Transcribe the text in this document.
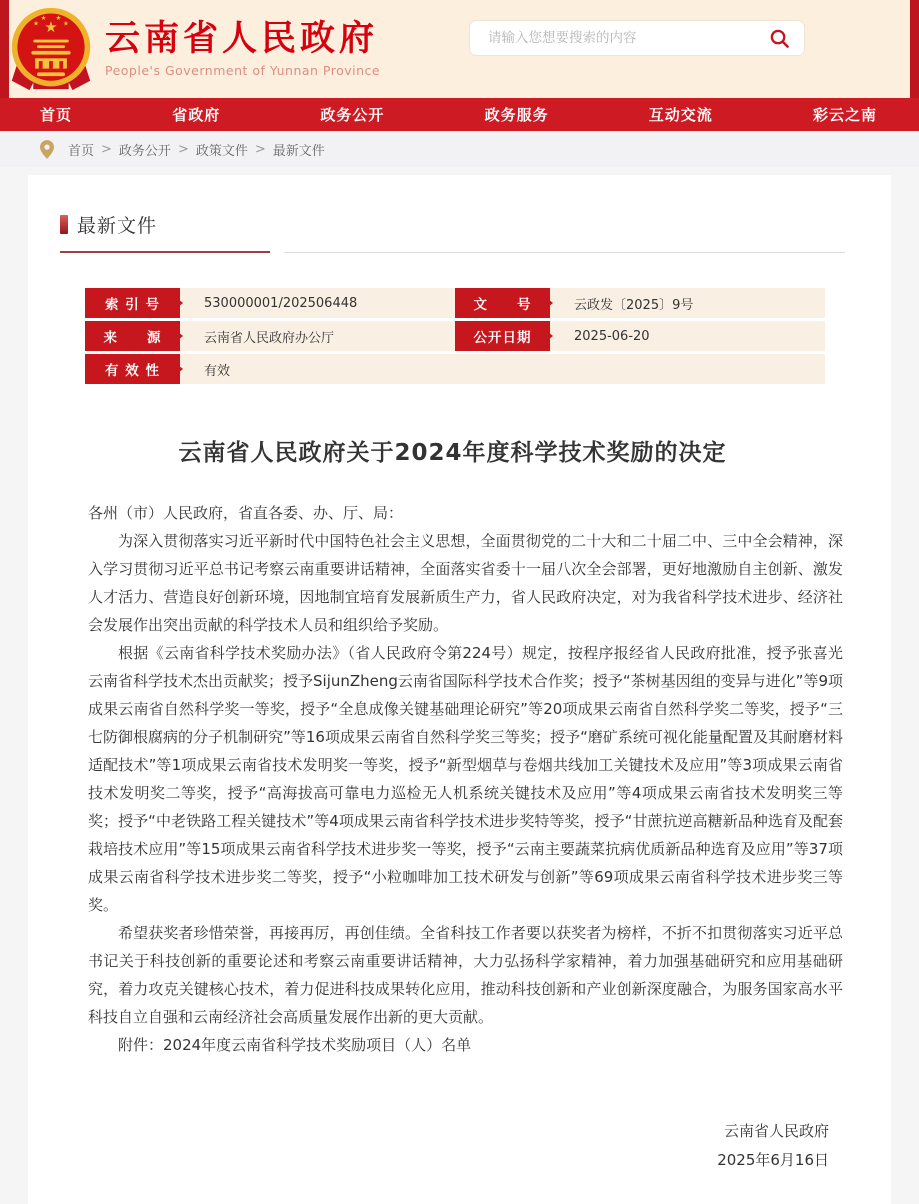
★
★
★ ★
★ 云南省人民政府
People's Government of Yunnan Province
请输入您想要搜索的内容
首页	省政府	政务公开	政务服务	互动交流	彩云之南
首页 > 政务公开 > 政策文件 > 最新文件
最新文件
索 引 号	530000001/202506448	文　　号	云政发〔2025〕9号
来　　源	云南省人民政府办公厅	公开日期	2025-06-20
有 效 性	有效
云南省人民政府关于2024年度科学技术奖励的决定

各州（市）人民政府，省直各委、办、厅、局：

为深入贯彻落实习近平新时代中国特色社会主义思想，全面贯彻党的二十大和二十届二中、三中全会精神，深入学习贯彻习近平总书记考察云南重要讲话精神，全面落实省委十一届八次全会部署，更好地激励自主创新、激发人才活力、营造良好创新环境，因地制宜培育发展新质生产力，省人民政府决定，对为我省科学技术进步、经济社会发展作出突出贡献的科学技术人员和组织给予奖励。

根据《云南省科学技术奖励办法》（省人民政府令第224号）规定，按程序报经省人民政府批准，授予张喜光云南省科学技术杰出贡献奖；授予SijunZheng云南省国际科学技术合作奖；授予“茶树基因组的变异与进化”等9项成果云南省自然科学奖一等奖，授予“全息成像关键基础理论研究”等20项成果云南省自然科学奖二等奖，授予“三七防御根腐病的分子机制研究”等16项成果云南省自然科学奖三等奖；授予“磨矿系统可视化能量配置及其耐磨材料适配技术”等1项成果云南省技术发明奖一等奖，授予“新型烟草与卷烟共线加工关键技术及应用”等3项成果云南省技术发明奖二等奖，授予“高海拔高可靠电力巡检无人机系统关键技术及应用”等4项成果云南省技术发明奖三等奖；授予“中老铁路工程关键技术”等4项成果云南省科学技术进步奖特等奖，授予“甘蔗抗逆高糖新品种选育及配套栽培技术应用”等15项成果云南省科学技术进步奖一等奖，授予“云南主要蔬菜抗病优质新品种选育及应用”等37项成果云南省科学技术进步奖二等奖，授予“小粒咖啡加工技术研发与创新”等69项成果云南省科学技术进步奖三等奖。

希望获奖者珍惜荣誉，再接再厉，再创佳绩。全省科技工作者要以获奖者为榜样，不折不扣贯彻落实习近平总书记关于科技创新的重要论述和考察云南重要讲话精神，大力弘扬科学家精神，着力加强基础研究和应用基础研究，着力攻克关键核心技术，着力促进科技成果转化应用，推动科技创新和产业创新深度融合，为服务国家高水平科技自立自强和云南经济社会高质量发展作出新的更大贡献。

附件：2024年度云南省科学技术奖励项目（人）名单

云南省人民政府
2025年6月16日
